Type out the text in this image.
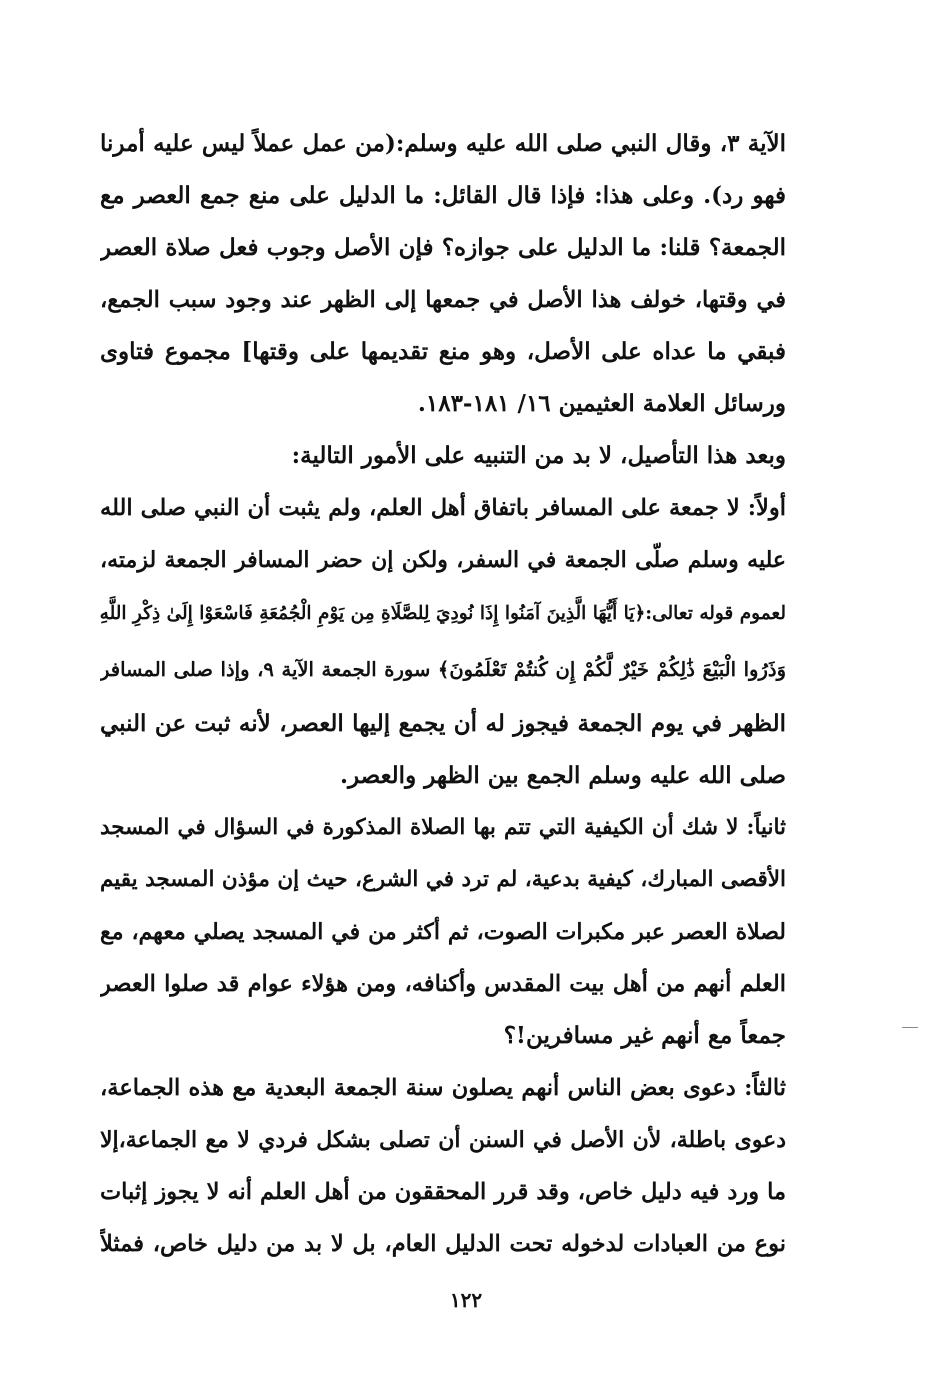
الآية ٣، وقال النبي صلى الله عليه وسلم:(من عمل عملاً ليس عليه أمرنا
فهو رد). وعلى هذا: فإذا قال القائل: ما الدليل على منع جمع العصر مع
الجمعة؟ قلنا: ما الدليل على جوازه؟ فإن الأصل وجوب فعل صلاة العصر
في وقتها، خولف هذا الأصل في جمعها إلى الظهر عند وجود سبب الجمع،
فبقي ما عداه على الأصل، وهو منع تقديمها على وقتها] مجموع فتاوى
ورسائل العلامة العثيمين ١٦/ ١٨١-١٨٣.
وبعد هذا التأصيل، لا بد من التنبيه على الأمور التالية:
أولاً: لا جمعة على المسافر باتفاق أهل العلم، ولم يثبت أن النبي صلى الله
عليه وسلم صلّى الجمعة في السفر، ولكن إن حضر المسافر الجمعة لزمته،
لعموم قوله تعالى:﴿يَا أَيُّهَا الَّذِينَ آمَنُوا إِذَا نُودِيَ لِلصَّلَاةِ مِن يَوْمِ الْجُمُعَةِ فَاسْعَوْا إِلَىٰ ذِكْرِ اللَّهِ
وَذَرُوا الْبَيْعَ ذَٰلِكُمْ خَيْرٌ لَّكُمْ إِن كُنتُمْ تَعْلَمُونَ﴾ سورة الجمعة الآية ٩، وإذا صلى المسافر
الظهر في يوم الجمعة فيجوز له أن يجمع إليها العصر، لأنه ثبت عن النبي
صلى الله عليه وسلم الجمع بين الظهر والعصر.
ثانياً: لا شك أن الكيفية التي تتم بها الصلاة المذكورة في السؤال في المسجد
الأقصى المبارك، كيفية بدعية، لم ترد في الشرع، حيث إن مؤذن المسجد يقيم
لصلاة العصر عبر مكبرات الصوت، ثم أكثر من في المسجد يصلي معهم، مع
العلم أنهم من أهل بيت المقدس وأكنافه، ومن هؤلاء عوام قد صلوا العصر
جمعاً مع أنهم غير مسافرين!؟
ثالثاً: دعوى بعض الناس أنهم يصلون سنة الجمعة البعدية مع هذه الجماعة،
دعوى باطلة، لأن الأصل في السنن أن تصلى بشكل فردي لا مع الجماعة،إلا
ما ورد فيه دليل خاص، وقد قرر المحققون من أهل العلم أنه لا يجوز إثبات
نوع من العبادات لدخوله تحت الدليل العام، بل لا بد من دليل خاص، فمثلاً
١٢٢
